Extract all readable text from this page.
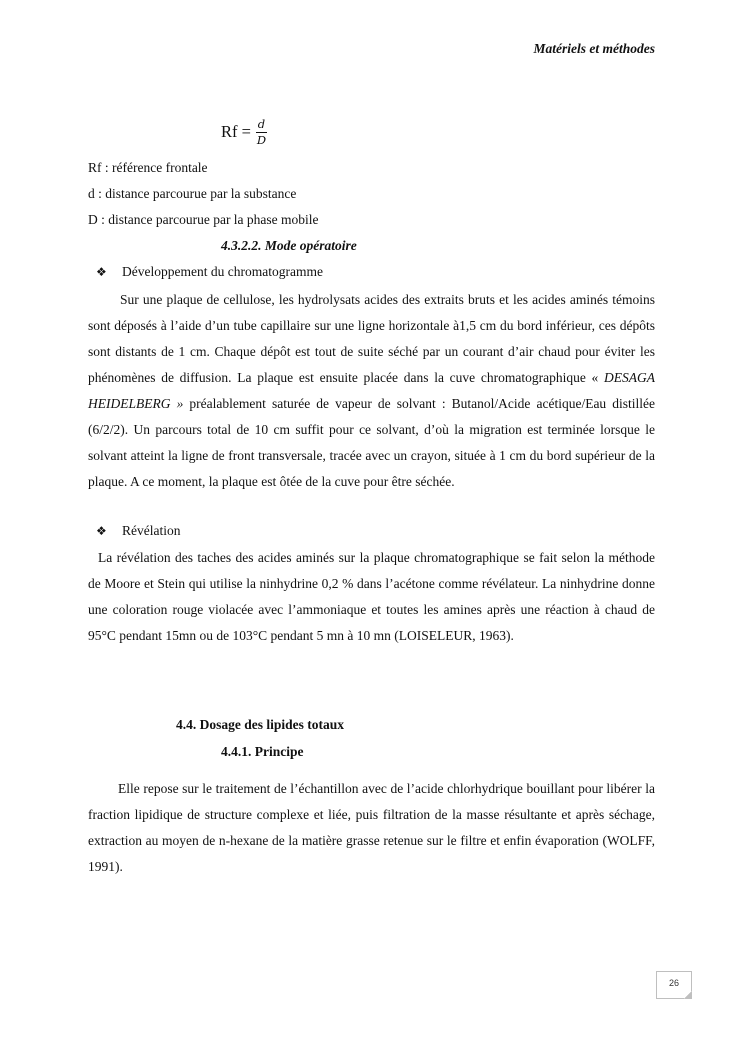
Matériels et méthodes
$Rf = \frac{d}{D}$
Rf : référence frontale
d : distance parcourue par la substance
D : distance parcourue par la phase mobile
4.3.2.2. Mode opératoire
❖	Développement du chromatogramme

Sur une plaque de cellulose, les hydrolysats acides des extraits bruts et les acides aminés témoins sont déposés à l’aide d’un tube capillaire sur une ligne horizontale à1,5 cm du bord inférieur, ces dépôts sont distants de 1 cm. Chaque dépôt est tout de suite séché par un courant d’air chaud pour éviter les phénomènes de diffusion. La plaque est ensuite placée dans la cuve chromatographique « DESAGA HEIDELBERG » préalablement saturée de vapeur de solvant : Butanol/Acide acétique/Eau distillée (6/2/2). Un parcours total de 10 cm suffit pour ce solvant, d’où la migration est terminée lorsque le solvant atteint la ligne de front transversale, tracée avec un crayon, située à 1 cm du bord supérieur de la plaque. A ce moment, la plaque est ôtée de la cuve pour être séchée.

❖	Révélation

La révélation des taches des acides aminés sur la plaque chromatographique se fait selon la méthode de Moore et Stein qui utilise la ninhydrine 0,2 % dans l’acétone comme révélateur. La ninhydrine donne une coloration rouge violacée avec l’ammoniaque et toutes les amines après une réaction à chaud de 95°C pendant 15mn ou de 103°C pendant 5 mn à 10 mn (LOISELEUR, 1963).

4.4. Dosage des lipides totaux
4.4.1. Principe

Elle repose sur le traitement de l’échantillon avec de l’acide chlorhydrique bouillant pour libérer la fraction lipidique de structure complexe et liée, puis filtration de la masse résultante et après séchage, extraction au moyen de n-hexane de la matière grasse retenue sur le filtre et enfin évaporation (WOLFF, 1991).

26
